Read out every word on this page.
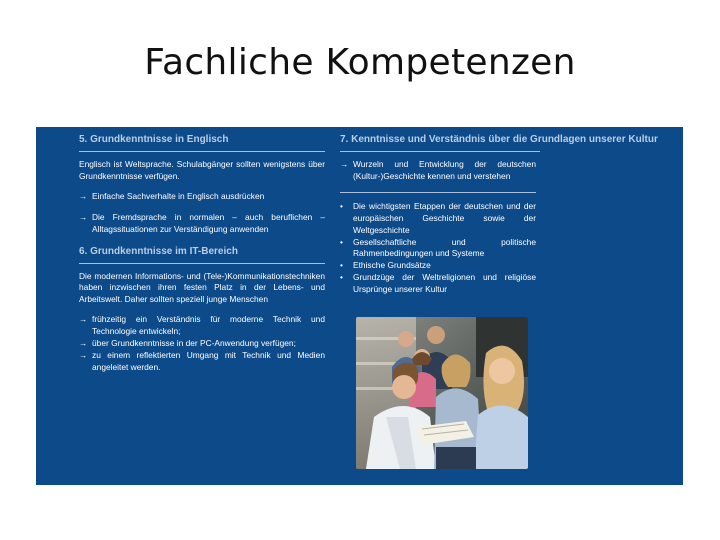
Fachliche Kompetenzen
5. Grundkenntnisse in Englisch

Englisch ist Weltsprache. Schulabgänger sollten wenigstens über Grundkenntnisse verfügen.

→ Einfache Sachverhalte in Englisch ausdrücken
→ Die Fremdsprache in normalen – auch beruflichen – Alltagssituationen zur Verständigung anwenden
6. Grundkenntnisse im IT-Bereich

Die modernen Informations- und (Tele-)Kommunikationstechniken haben inzwischen ihren festen Platz in der Lebens- und Arbeitswelt. Daher sollten speziell junge Menschen

→ frühzeitig ein Verständnis für moderne Technik und Technologie entwickeln;
→ über Grundkenntnisse in der PC-Anwendung verfügen;
→ zu einem reflektierten Umgang mit Technik und Medien angeleitet werden.
7. Kenntnisse und Verständnis über die Grundlagen unserer Kultur
→ Wurzeln und Entwicklung der deutschen (Kultur-)Geschichte kennen und verstehen
• Die wichtigsten Etappen der deutschen und der europäischen Geschichte sowie der Weltgeschichte
• Gesellschaftliche und politische Rahmenbedingungen und Systeme
• Ethische Grundsätze
• Grundzüge der Weltreligionen und religiöse Ursprünge unserer Kultur
